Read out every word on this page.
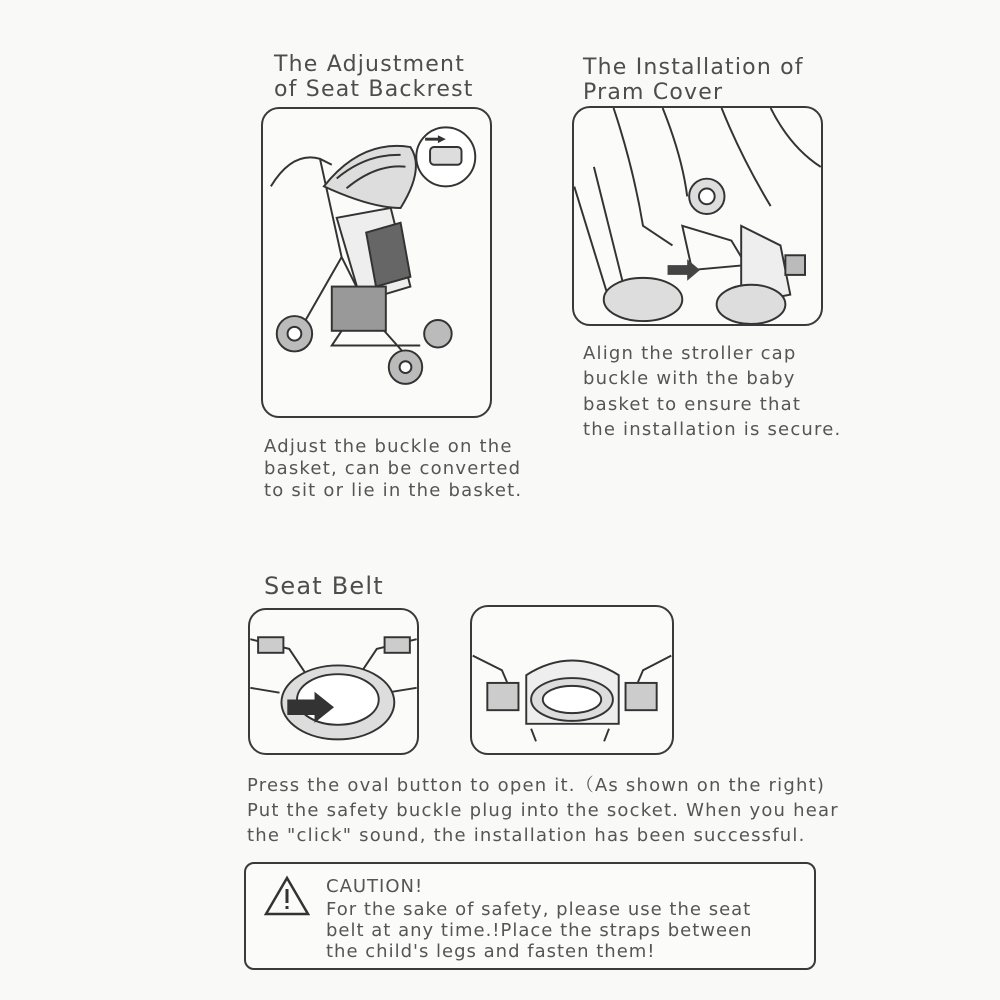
The Adjustment

of Seat Backrest

Adjust the buckle on the

basket, can be converted

to sit or lie in the basket.

The Installation of

Pram Cover

Align the stroller cap

buckle with the baby

basket to ensure that

the installation is secure.

Seat Belt

Press the oval button to open it.（As shown on the right)

Put the safety buckle plug into the socket. When you hear

the "click" sound, the installation has been successful.

CAUTION!

For the sake of safety, please use the seat

belt at any time.!Place the straps between

the child's legs and fasten them!
